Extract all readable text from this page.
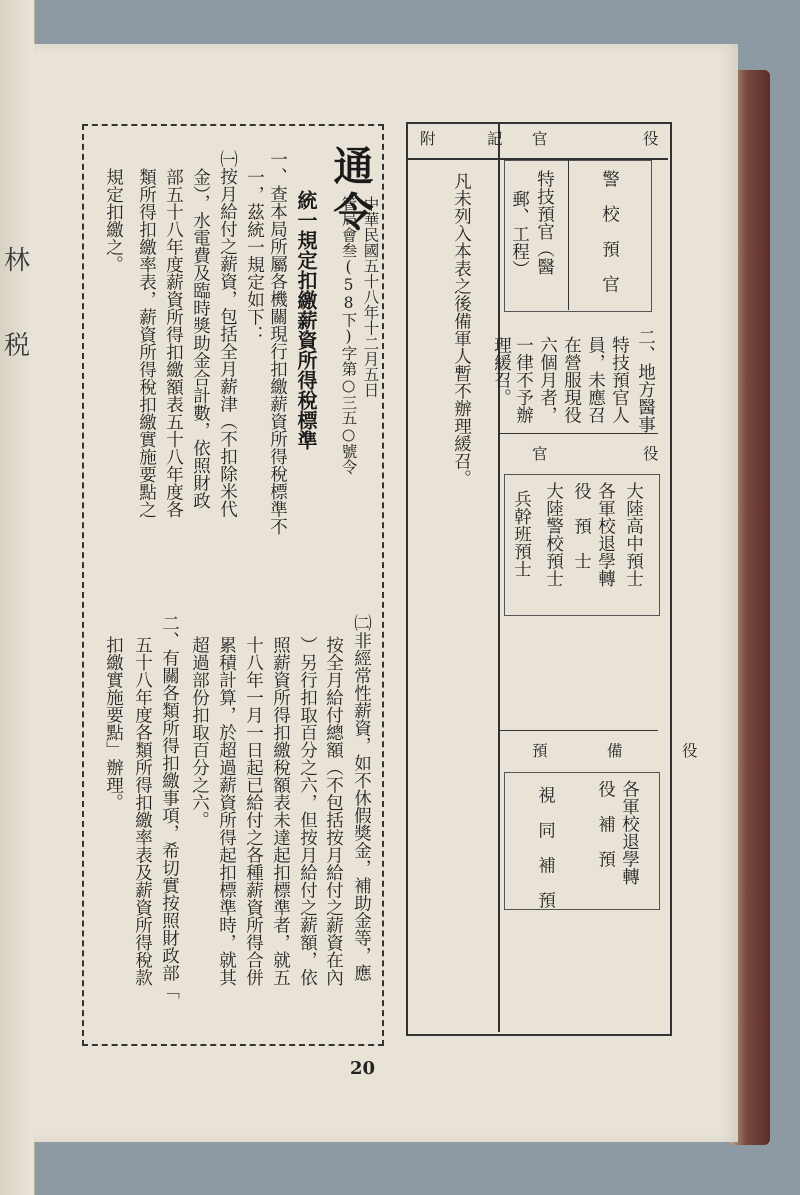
林
税
通令
統一規定扣繳薪資所得稅標準	中華民國五十八年十二月五日
管局會叁(58下)字第○三五○號令
一、查本局所屬各機關現行扣繳薪資所得稅標準不
一，茲統一規定如下：
㈠按月給付之薪資，包括全月薪津（不扣除米代
金），水電費及臨時獎助金合計數，依照財政
部五十八年度薪資所得扣繳額表五十八年度各
類所得扣繳率表，薪資所得稅扣繳實施要點之
規定扣繳之。
㈡非經常性薪資，如不休假獎金，補助金等，應
按全月給付總額（不包括按月給付之薪資在內
）另行扣取百分之六，但按月給付之薪額，依
照薪資所得扣繳稅額表未達起扣標準者，就五
十八年一月一日起已給付之各種薪資所得合併
累積計算，於超過薪資所得起扣標準時，就其
超過部份扣取百分之六。
二、有關各類所得扣繳事項，希切實按照財政部「
五十八年度各類所得扣繳率表及薪資所得稅款
扣繳實施要點」辦理。
附　記
凡未列入本表之後備軍人暫不辦理緩召。
官　役
警　校　預　官
特技預官（醫
郵、工程）
二、地方醫事
特技預官人
員，未應召
在營服現役
六個月者，
一律不予辦
理緩召。
官　役
大陸高中預士
各軍校退學轉
役　預　士
大陸警校預士
兵幹班預士
預　備　役
各軍校退學轉
役　補　預
視　同　補　預
20
